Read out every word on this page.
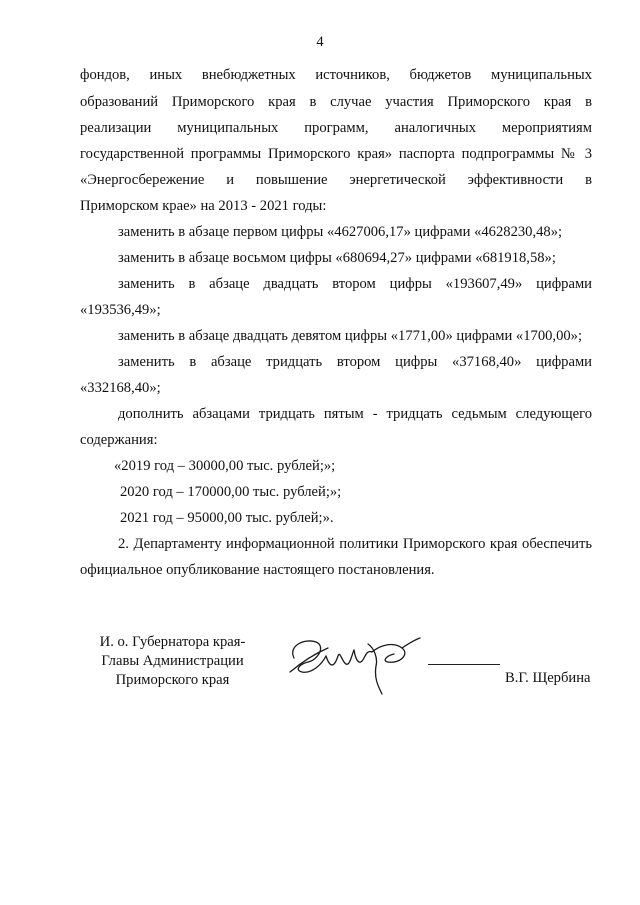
4
фондов, иных внебюджетных источников, бюджетов муниципальных
образований Приморского края в случае участия Приморского края в
реализации муниципальных программ, аналогичных мероприятиям
государственной программы Приморского края» паспорта подпрограммы № 3
«Энергосбережение и повышение энергетической эффективности в
Приморском крае» на 2013 - 2021 годы:
заменить в абзаце первом цифры «4627006,17» цифрами «4628230,48»;
заменить в абзаце восьмом цифры «680694,27» цифрами «681918,58»;
заменить в абзаце двадцать втором цифры «193607,49» цифрами
«193536,49»;
заменить в абзаце двадцать девятом цифры «1771,00» цифрами «1700,00»;
заменить в абзаце тридцать втором цифры «37168,40» цифрами
«332168,40»;
дополнить абзацами тридцать пятым - тридцать седьмым следующего
содержания:
«2019 год – 30000,00 тыс. рублей;»;
2020 год – 170000,00 тыс. рублей;»;
2021 год – 95000,00 тыс. рублей;».
2. Департаменту информационной политики Приморского края обеспечить
официальное опубликование настоящего постановления.
И. о. Губернатора края-
Главы Администрации
Приморского края	В.Г. Щербина
